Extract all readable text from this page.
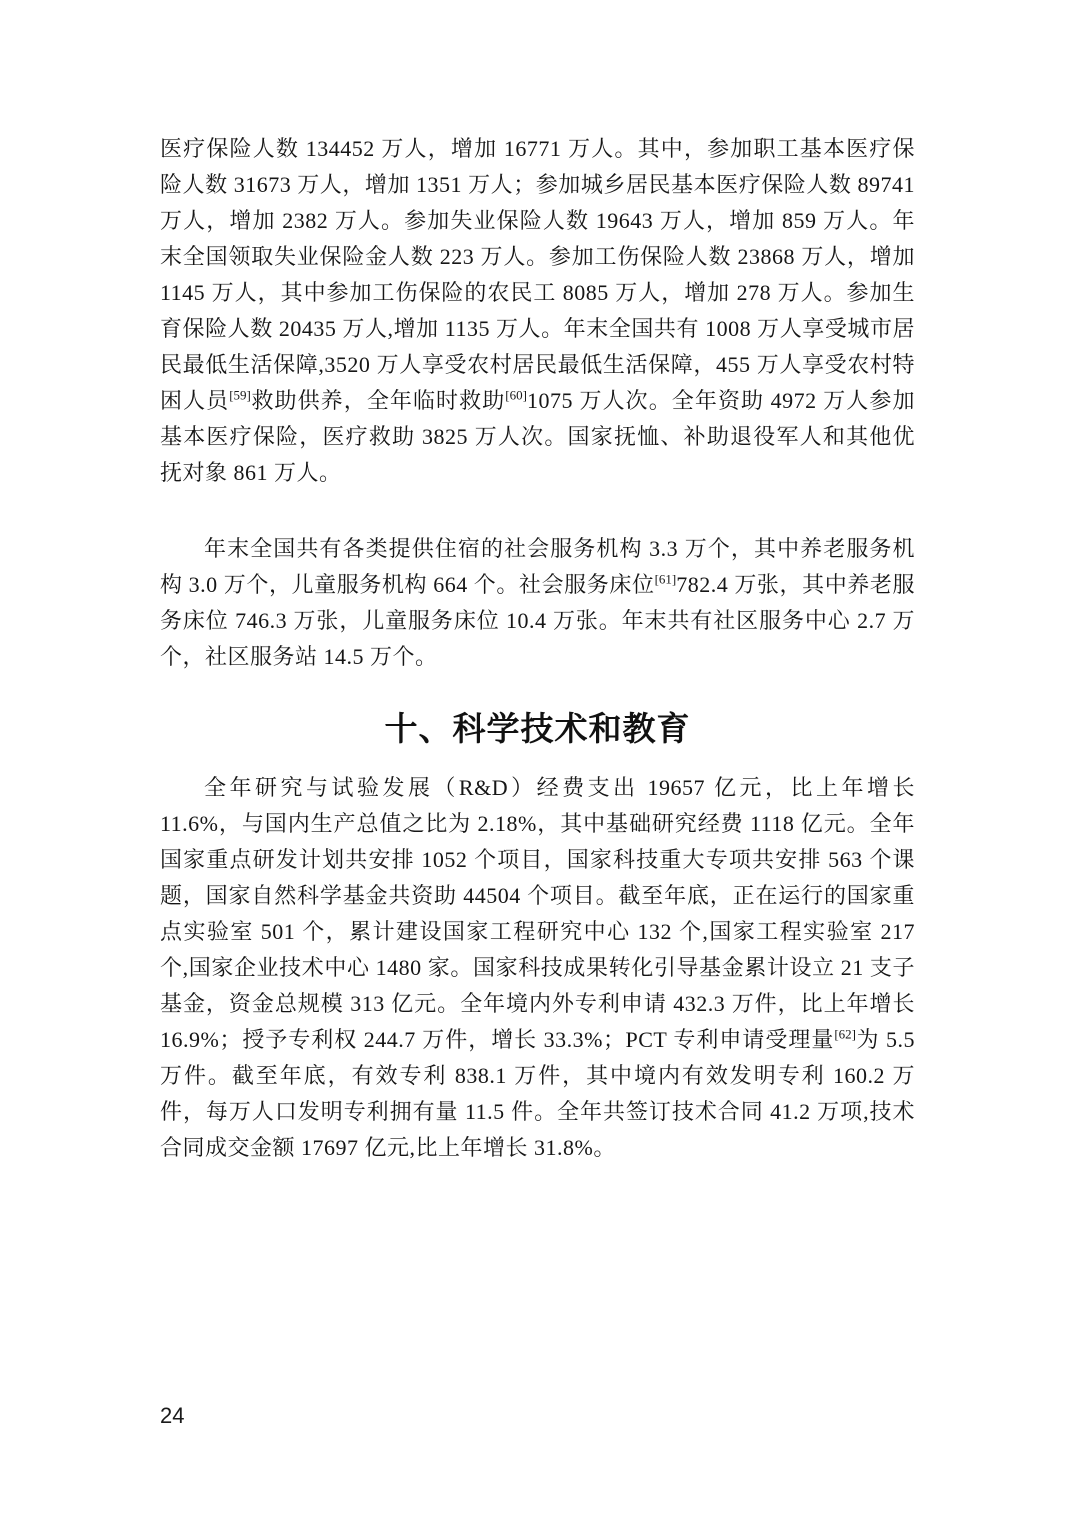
医疗保险人数 134452 万人，增加 16771 万人。其中，参加职工基本医疗保险人数 31673 万人，增加 1351 万人；参加城乡居民基本医疗保险人数 89741 万人，增加 2382 万人。参加失业保险人数 19643 万人，增加 859 万人。年末全国领取失业保险金人数 223 万人。参加工伤保险人数 23868 万人，增加 1145 万人，其中参加工伤保险的农民工 8085 万人，增加 278 万人。参加生育保险人数 20435 万人,增加 1135 万人。年末全国共有 1008 万人享受城市居民最低生活保障,3520 万人享受农村居民最低生活保障，455 万人享受农村特困人员[59]救助供养，全年临时救助[60]1075 万人次。全年资助 4972 万人参加基本医疗保险，医疗救助 3825 万人次。国家抚恤、补助退役军人和其他优抚对象 861 万人。

年末全国共有各类提供住宿的社会服务机构 3.3 万个，其中养老服务机构 3.0 万个，儿童服务机构 664 个。社会服务床位[61]782.4 万张，其中养老服务床位 746.3 万张，儿童服务床位 10.4 万张。年末共有社区服务中心 2.7 万个，社区服务站 14.5 万个。

十、科学技术和教育

全年研究与试验发展（R&D）经费支出 19657 亿元，比上年增长 11.6%，与国内生产总值之比为 2.18%，其中基础研究经费 1118 亿元。全年国家重点研发计划共安排 1052 个项目，国家科技重大专项共安排 563 个课题，国家自然科学基金共资助 44504 个项目。截至年底，正在运行的国家重点实验室 501 个，累计建设国家工程研究中心 132 个,国家工程实验室 217 个,国家企业技术中心 1480 家。国家科技成果转化引导基金累计设立 21 支子基金，资金总规模 313 亿元。全年境内外专利申请 432.3 万件，比上年增长 16.9%；授予专利权 244.7 万件，增长 33.3%；PCT 专利申请受理量[62]为 5.5 万件。截至年底，有效专利 838.1 万件，其中境内有效发明专利 160.2 万件，每万人口发明专利拥有量 11.5 件。全年共签订技术合同 41.2 万项,技术合同成交金额 17697 亿元,比上年增长 31.8%。

24
